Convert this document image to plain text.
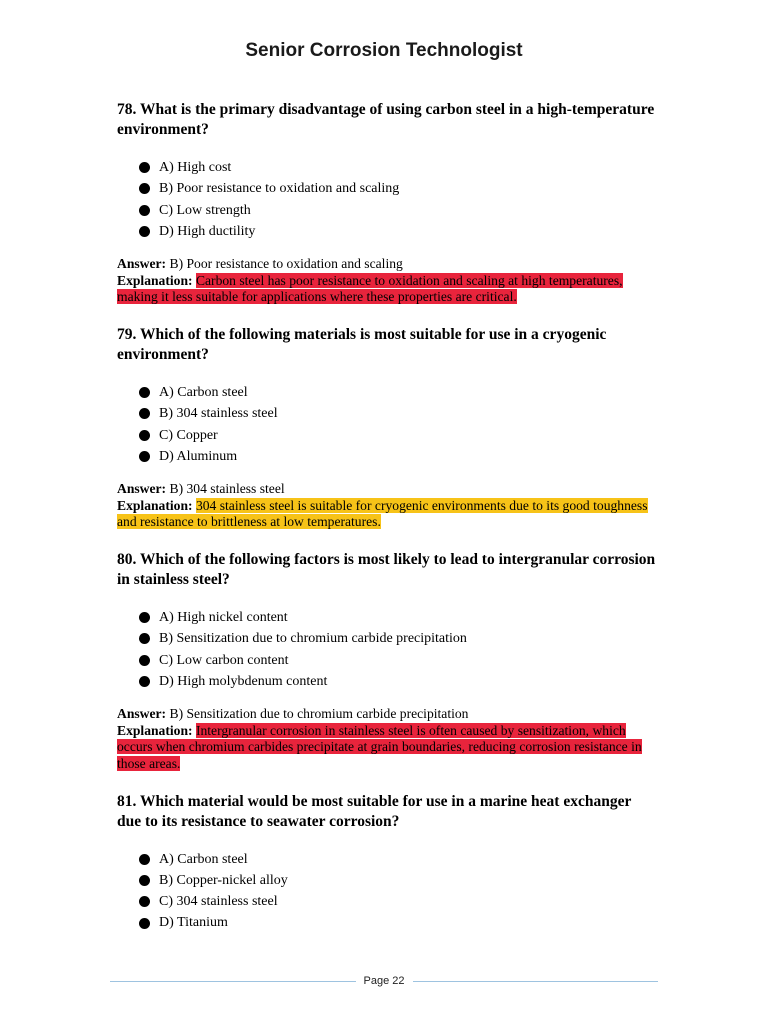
Senior Corrosion Technologist

78. What is the primary disadvantage of using carbon steel in a high-temperature environment?

A) High cost
B) Poor resistance to oxidation and scaling
C) Low strength
D) High ductility
Answer: B) Poor resistance to oxidation and scaling
Explanation: Carbon steel has poor resistance to oxidation and scaling at high temperatures, making it less suitable for applications where these properties are critical.

79. Which of the following materials is most suitable for use in a cryogenic environment?

A) Carbon steel
B) 304 stainless steel
C) Copper
D) Aluminum
Answer: B) 304 stainless steel
Explanation: 304 stainless steel is suitable for cryogenic environments due to its good toughness and resistance to brittleness at low temperatures.

80. Which of the following factors is most likely to lead to intergranular corrosion in stainless steel?

A) High nickel content
B) Sensitization due to chromium carbide precipitation
C) Low carbon content
D) High molybdenum content
Answer: B) Sensitization due to chromium carbide precipitation
Explanation: Intergranular corrosion in stainless steel is often caused by sensitization, which occurs when chromium carbides precipitate at grain boundaries, reducing corrosion resistance in those areas.

81. Which material would be most suitable for use in a marine heat exchanger due to its resistance to seawater corrosion?

A) Carbon steel
B) Copper-nickel alloy
C) 304 stainless steel
D) Titanium
Page 22
